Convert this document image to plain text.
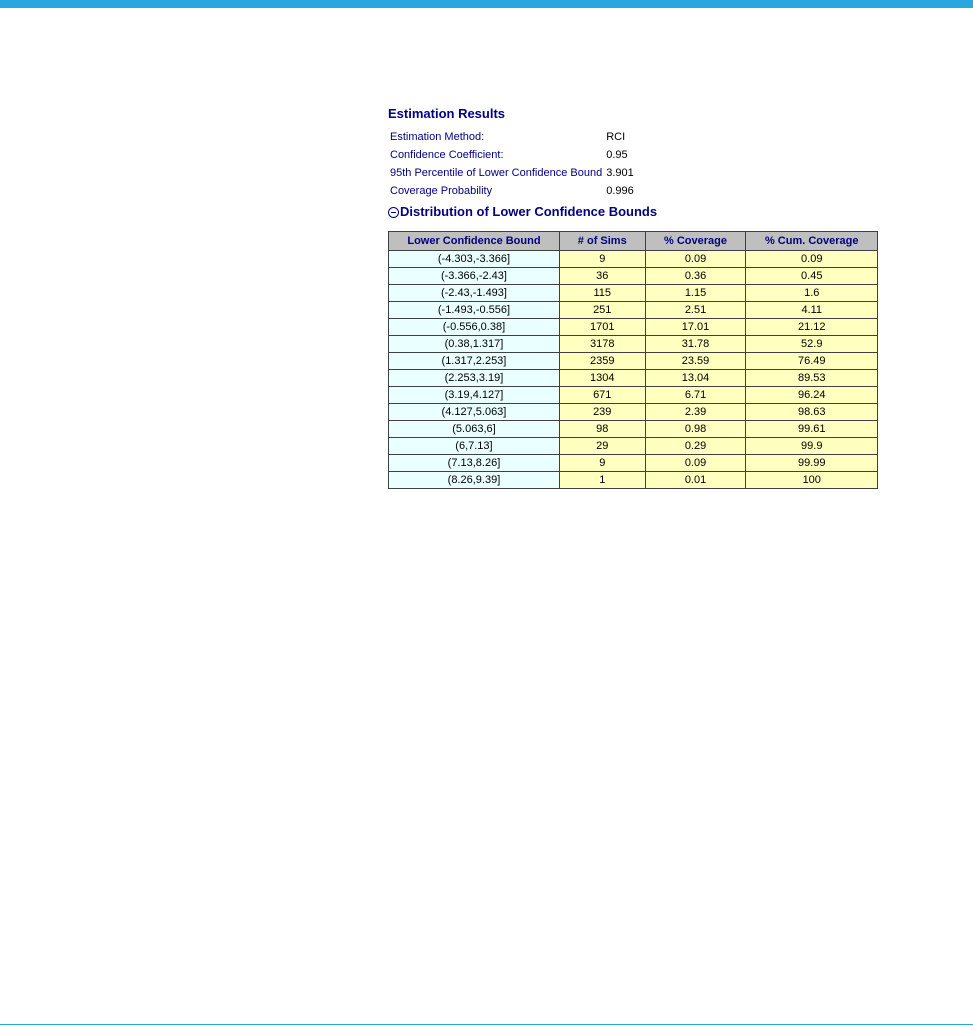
Estimation Results
Estimation Method:	RCI
Confidence Coefficient:	0.95
95th Percentile of Lower Confidence Bound	3.901
Coverage Probability	0.996
Distribution of Lower Confidence Bounds
Lower Confidence Bound	# of Sims	% Coverage	% Cum. Coverage
(-4.303,-3.366]	9	0.09	0.09
(-3.366,-2.43]	36	0.36	0.45
(-2.43,-1.493]	115	1.15	1.6
(-1.493,-0.556]	251	2.51	4.11
(-0.556,0.38]	1701	17.01	21.12
(0.38,1.317]	3178	31.78	52.9
(1.317,2.253]	2359	23.59	76.49
(2.253,3.19]	1304	13.04	89.53
(3.19,4.127]	671	6.71	96.24
(4.127,5.063]	239	2.39	98.63
(5.063,6]	98	0.98	99.61
(6,7.13]	29	0.29	99.9
(7.13,8.26]	9	0.09	99.99
(8.26,9.39]	1	0.01	100
